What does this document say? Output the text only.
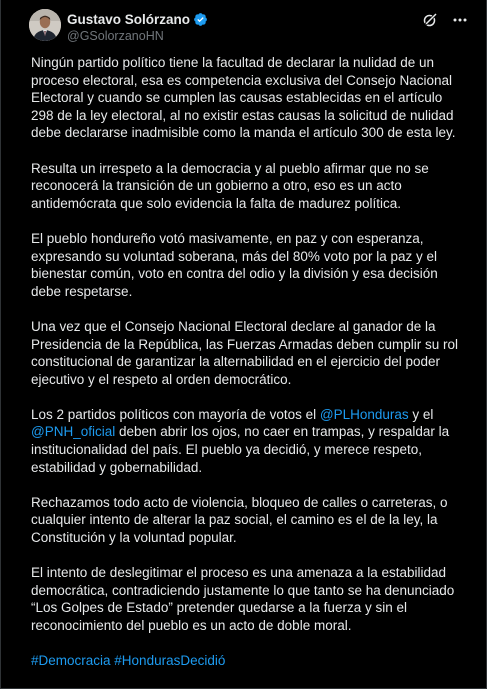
Gustavo Solórzano
@GSolorzanoHN

Ningún partido político tiene la facultad de declarar la nulidad de un proceso electoral, esa es competencia exclusiva del Consejo Nacional Electoral y cuando se cumplen las causas establecidas en el artículo 298 de la ley electoral, al no existir estas causas la solicitud de nulidad debe declararse inadmisible como la manda el artículo 300 de esta ley.

Resulta un irrespeto a la democracia y al pueblo afirmar que no se reconocerá la transición de un gobierno a otro, eso es un acto antidemócrata que solo evidencia la falta de madurez política.

El pueblo hondureño votó masivamente, en paz y con esperanza, expresando su voluntad soberana, más del 80% voto por la paz y el bienestar común, voto en contra del odio y la división y esa decisión debe respetarse.

Una vez que el Consejo Nacional Electoral declare al ganador de la Presidencia de la República, las Fuerzas Armadas deben cumplir su rol constitucional de garantizar la alternabilidad en el ejercicio del poder ejecutivo y el respeto al orden democrático.

Los 2 partidos políticos con mayoría de votos el @PLHonduras y el @PNH_oficial deben abrir los ojos, no caer en trampas, y respaldar la institucionalidad del país. El pueblo ya decidió, y merece respeto, estabilidad y gobernabilidad.

Rechazamos todo acto de violencia, bloqueo de calles o carreteras, o cualquier intento de alterar la paz social, el camino es el de la ley, la Constitución y la voluntad popular.

El intento de deslegitimar el proceso es una amenaza a la estabilidad democrática, contradiciendo justamente lo que tanto se ha denunciado “Los Golpes de Estado” pretender quedarse a la fuerza y sin el reconocimiento del pueblo es un acto de doble moral.

#Democracia #HondurasDecidió
